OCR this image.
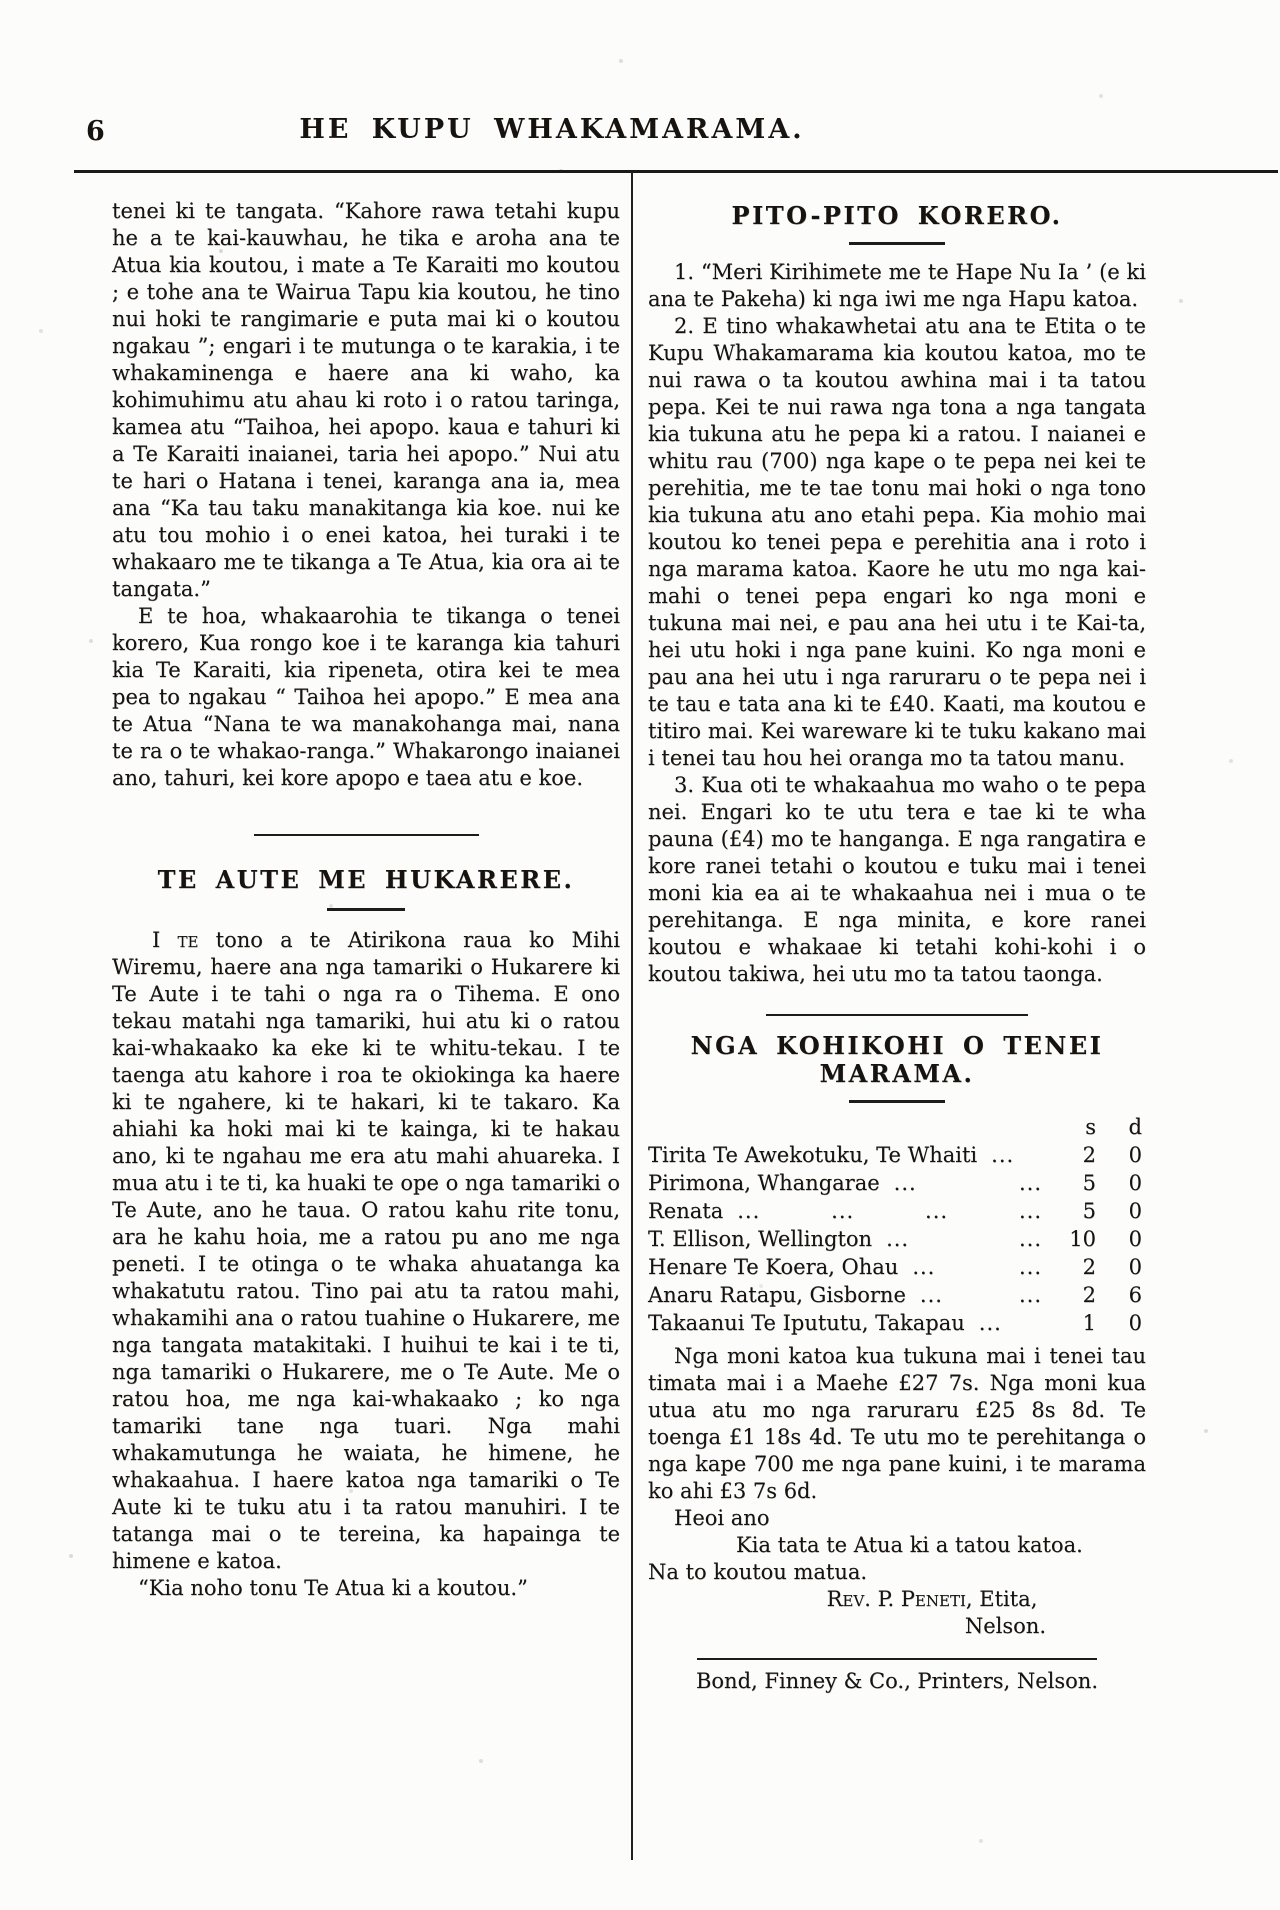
6	HE KUPU WHAKAMARAMA.

tenei ki te tangata. “Kahore rawa tetahi kupu he a te kai-kauwhau, he tika e aroha ana te Atua kia koutou, i mate a Te Karaiti mo koutou ; e tohe ana te Wairua Tapu kia koutou, he tino nui hoki te rangimarie e puta mai ki o koutou ngakau ”; engari i te mutunga o te karakia, i te whakaminenga e haere ana ki waho, ka kohimuhimu atu ahau ki roto i o ratou taringa, kamea atu “Taihoa, hei apopo. kaua e tahuri ki a Te Karaiti inaianei, taria hei apopo.” Nui atu te hari o Hatana i tenei, karanga ana ia, mea ana “Ka tau taku manakitanga kia koe. nui ke atu tou mohio i o enei katoa, hei turaki i te whakaaro me te tikanga a Te Atua, kia ora ai te tangata.”

E te hoa, whakaarohia te tikanga o tenei korero, Kua rongo koe i te karanga kia tahuri kia Te Karaiti, kia ripeneta, otira kei te mea pea to ngakau “ Taihoa hei apopo.” E mea ana te Atua “Nana te wa manakohanga mai, nana te ra o te whakao-ranga.” Whakarongo inaianei ano, tahuri, kei kore apopo e taea atu e koe.

TE AUTE ME HUKARERE.

I te tono a te Atirikona raua ko Mihi Wiremu, haere ana nga tamariki o Hukarere ki Te Aute i te tahi o nga ra o Tihema. E ono tekau matahi nga tamariki, hui atu ki o ratou kai-whakaako ka eke ki te whitu-tekau. I te taenga atu kahore i roa te okiokinga ka haere ki te ngahere, ki te hakari, ki te takaro. Ka ahiahi ka hoki mai ki te kainga, ki te hakau ano, ki te ngahau me era atu mahi ahuareka. I mua atu i te ti, ka huaki te ope o nga tamariki o Te Aute, ano he taua. O ratou kahu rite tonu, ara he kahu hoia, me a ratou pu ano me nga peneti. I te otinga o te whaka ahuatanga ka whakatutu ratou. Tino pai atu ta ratou mahi, whakamihi ana o ratou tuahine o Hukarere, me nga tangata matakitaki. I huihui te kai i te ti, nga tamariki o Hukarere, me o Te Aute. Me o ratou hoa, me nga kai-whakaako ; ko nga tamariki tane nga tuari. Nga mahi whakamutunga he waiata, he himene, he whakaahua. I haere katoa nga tamariki o Te Aute ki te tuku atu i ta ratou manuhiri. I te tatanga mai o te tereina, ka hapainga te himene e katoa.

“Kia noho tonu Te Atua ki a koutou.”

PITO-PITO KORERO.

1. “Meri Kirihimete me te Hape Nu Ia ’ (e ki ana te Pakeha) ki nga iwi me nga Hapu katoa.

2. E tino whakawhetai atu ana te Etita o te Kupu Whakamarama kia koutou katoa, mo te nui rawa o ta koutou awhina mai i ta tatou pepa. Kei te nui rawa nga tona a nga tangata kia tukuna atu he pepa ki a ratou. I naianei e whitu rau (700) nga kape o te pepa nei kei te perehitia, me te tae tonu mai hoki o nga tono kia tukuna atu ano etahi pepa. Kia mohio mai koutou ko tenei pepa e perehitia ana i roto i nga marama katoa. Kaore he utu mo nga kai-mahi o tenei pepa engari ko nga moni e tukuna mai nei, e pau ana hei utu i te Kai-ta, hei utu hoki i nga pane kuini. Ko nga moni e pau ana hei utu i nga raruraru o te pepa nei i te tau e tata ana ki te £40. Kaati, ma koutou e titiro mai. Kei wareware ki te tuku kakano mai i tenei tau hou hei oranga mo ta tatou manu.

3. Kua oti te whakaahua mo waho o te pepa nei. Engari ko te utu tera e tae ki te wha pauna (£4) mo te hanganga. E nga rangatira e kore ranei tetahi o koutou e tuku mai i tenei moni kia ea ai te whakaahua nei i mua o te perehitanga. E nga minita, e kore ranei koutou e whakaae ki tetahi kohi-kohi i o koutou takiwa, hei utu mo ta tatou taonga.

NGA KOHIKOHI O TENEI MARAMA.
s	d
Tirita Te Awekotuku, Te Whaiti ...	2	0
Pirimona, Whangarae ... ...	5	0
Renata ... ... ... ...	5	0
T. Ellison, Wellington ... ...	10	0
Henare Te Koera, Ohau ... ...	2	0
Anaru Ratapu, Gisborne ... ...	2	6
Takaanui Te Ipututu, Takapau ...	1	0

Nga moni katoa kua tukuna mai i tenei tau timata mai i a Maehe £27 7s. Nga moni kua utua atu mo nga raruraru £25 8s 8d. Te toenga £1 18s 4d. Te utu mo te perehitanga o nga kape 700 me nga pane kuini, i te marama ko ahi £3 7s 6d.

Heoi ano

Kia tata te Atua ki a tatou katoa.

Na to koutou matua.

Rev. P. Peneti, Etita,

Nelson.

Bond, Finney & Co., Printers, Nelson.
